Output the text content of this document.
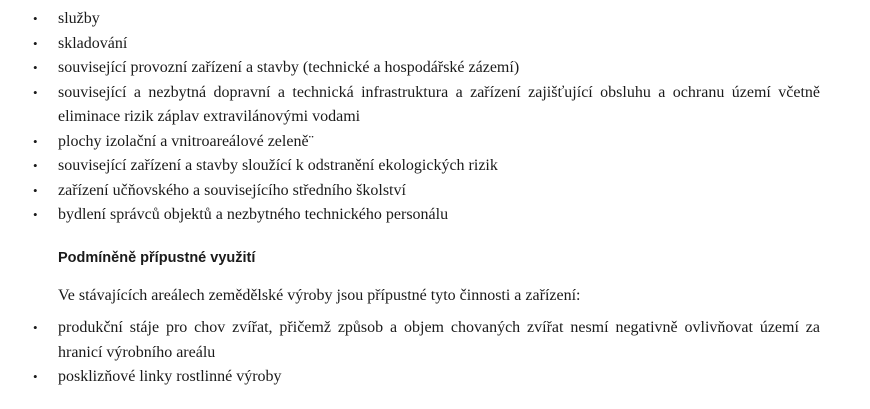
• služby
• skladování
• související provozní zařízení a stavby (technické a hospodářské zázemí)
• související a nezbytná dopravní a technická infrastruktura a zařízení zajišťující obsluhu a ochranu území včetně eliminace rizik záplav extravilánovými vodami
• plochy izolační a vnitroareálové zeleně¨
• související zařízení a stavby sloužící k odstranění ekologických rizik
• zařízení učňovského a souvisejícího středního školství
• bydlení správců objektů a nezbytného technického personálu
Podmíněně přípustné využití
Ve stávajících areálech zemědělské výroby jsou přípustné tyto činnosti a zařízení:
• produkční stáje pro chov zvířat, přičemž způsob a objem chovaných zvířat nesmí negativně ovlivňovat území za hranicí výrobního areálu
• posklizňové linky rostlinné výroby
